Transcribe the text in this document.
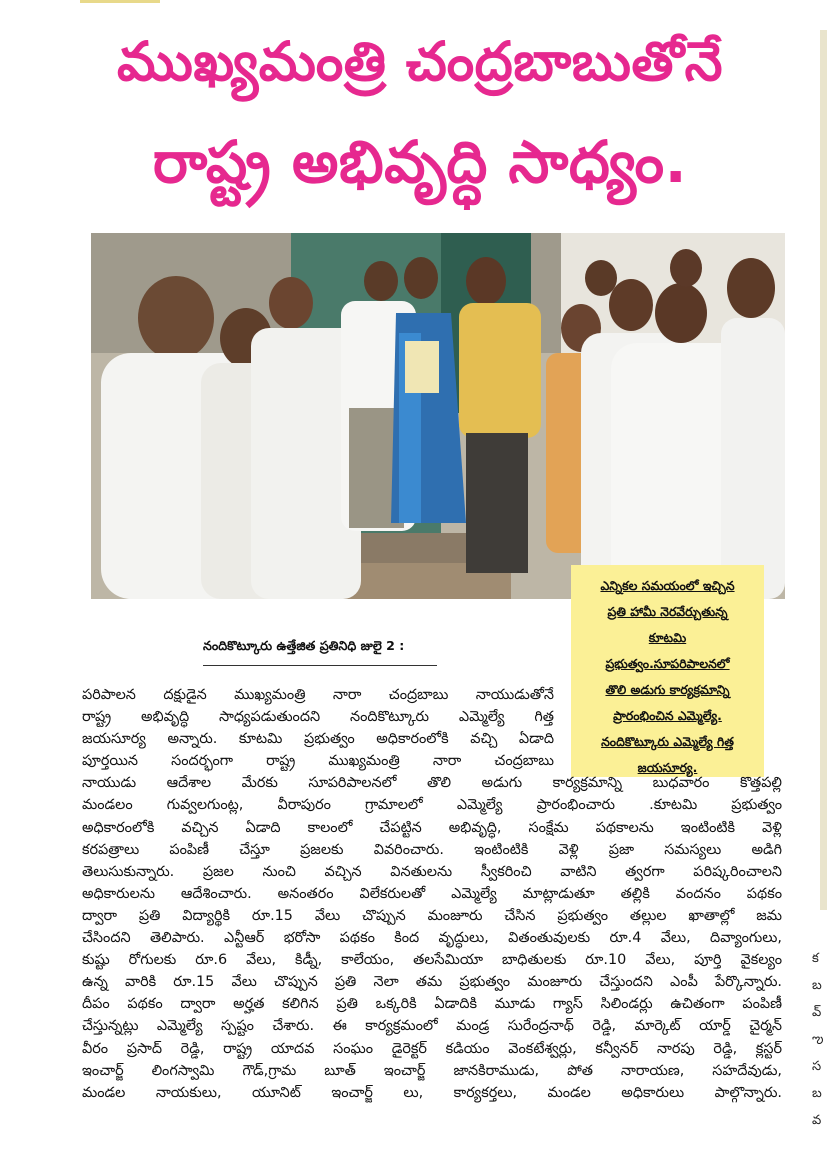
ముఖ్యమంత్రి చంద్రబాబుతోనే
రాష్ట్ర అభివృద్ధి సాధ్యం.
ఎన్నికల సమయంలో ఇచ్చిన
ప్రతి హామీ నెరవేర్చుతున్న
కూటమి
ప్రభుత్వం.సూపరిపాలనలో
తొలి అడుగు కార్యక్రమాన్ని
ప్రారంభించిన ఎమ్మెల్యే.
నందికొట్కూరు ఎమ్మెల్యే గిత్త
జయసూర్య.
నందికొట్కూరు ఉత్తేజిత ప్రతినిధి జులై 2 :
పరిపాలన దక్షుడైన ముఖ్యమంత్రి నారా చంద్రబాబు నాయుడుతోనే
రాష్ట్ర అభివృద్ధి సాధ్యపడుతుందని నందికొట్కూరు ఎమ్మెల్యే గిత్త
జయసూర్య అన్నారు. కూటమి ప్రభుత్వం అధికారంలోకి వచ్చి ఏడాది
పూర్తయిన సందర్భంగా రాష్ట్ర ముఖ్యమంత్రి నారా చంద్రబాబు
నాయుడు ఆదేశాల మేరకు సూపరిపాలనలో తొలి అడుగు కార్యక్రమాన్ని బుధవారం కొత్తపల్లి
మండలం గువ్వలగుంట్ల, వీరాపురం గ్రామాలలో ఎమ్మెల్యే ప్రారంభించారు .కూటమి ప్రభుత్వం
అధికారంలోకి వచ్చిన ఏడాది కాలంలో చేపట్టిన అభివృద్ధి, సంక్షేమ పథకాలను ఇంటింటికి వెళ్లి
కరపత్రాలు పంపిణీ చేస్తూ ప్రజలకు వివరించారు. ఇంటింటికి వెళ్లి ప్రజా సమస్యలు అడిగి
తెలుసుకున్నారు. ప్రజల నుంచి వచ్చిన వినతులను స్వీకరించి వాటిని త్వరగా పరిష్కరించాలని
అధికారులను ఆదేశించారు. అనంతరం విలేకరులతో ఎమ్మెల్యే మాట్లాడుతూ తల్లికి వందనం పథకం
ద్వారా ప్రతి విద్యార్థికి రూ.15 వేలు చొప్పున మంజూరు చేసిన ప్రభుత్వం తల్లుల ఖాతాల్లో జమ
చేసిందని తెలిపారు. ఎన్టీఆర్ భరోసా పథకం కింద వృద్ధులు, వితంతువులకు రూ.4 వేలు, దివ్యాంగులు,
కుష్టు రోగులకు రూ.6 వేలు, కిడ్నీ, కాలేయం, తలసేమియా బాధితులకు రూ.10 వేలు, పూర్తి వైకల్యం
ఉన్న వారికి రూ.15 వేలు చొప్పున ప్రతి నెలా తమ ప్రభుత్వం మంజూరు చేస్తుందని ఎంపీ పేర్కొన్నారు.
దీపం పథకం ద్వారా అర్హత కలిగిన ప్రతి ఒక్కరికి ఏడాదికి మూడు గ్యాస్ సిలిండర్లు ఉచితంగా పంపిణీ
చేస్తున్నట్లు ఎమ్మెల్యే స్పష్టం చేశారు. ఈ కార్యక్రమంలో మండ్ర సురేంద్రనాథ్ రెడ్డి, మార్కెట్ యార్డ్ చైర్మన్
వీరం ప్రసాద్ రెడ్డి, రాష్ట్ర యాదవ సంఘం డైరెక్టర్ కడియం వెంకటేశ్వర్లు, కన్వీనర్ నారపు రెడ్డి, క్లస్టర్
ఇంచార్జ్ లింగస్వామి గౌడ్,గ్రామ బూత్ ఇంచార్జ్ జానకిరాముడు, పోత నారాయణ, సహదేవుడు,
మండల నాయకులు, యూనిట్ ఇంచార్జ్ లు, కార్యకర్తలు, మండల అధికారులు పాల్గొన్నారు.
క
బ
వ్
ఌ
స
బ
వ
